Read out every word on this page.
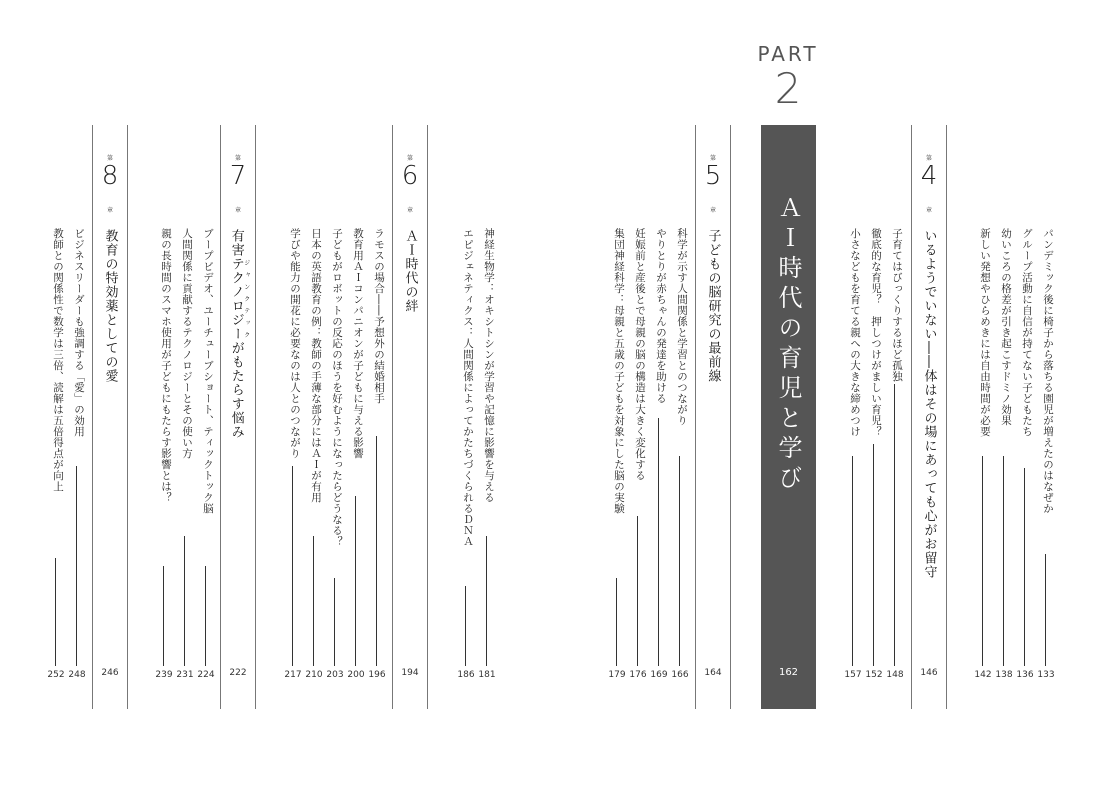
PART
2
ＡＩ時代の育児と学び
162
第
4
章
いるようでいない――体はその場にあっても心がお留守
146
第
5
章
子どもの脳研究の最前線
164
第
6
章
ＡＩ時代の絆
194
第
7
章
有害テクノロジー ジャンクテックがもたらす悩み
222
第
8
章
教育の特効薬としての愛
246
パンデミック後に椅子から落ちる園児が増えたのはなぜか
グループ活動に自信が持てない子どもたち
幼いころの格差が引き起こすドミノ効果
新しい発想やひらめきには自由時間が必要
子育てはびっくりするほど孤独
徹底的な育児？　押しつけがましい育児？
小さなどもを育てる親への大きな締めつけ
科学が示す人間関係と学習とのつながり
やりとりが赤ちゃんの発達を助ける
妊娠前と産後とで母親の脳の構造は大きく変化する
集団神経科学：母親と五歳の子どもを対象にした脳の実験
神経生物学：オキシトシンが学習や記憶に影響を与える
エピジェネティクス：人間関係によってかたちづくられるＤＮＡ
ラモスの場合――予想外の結婚相手
教育用ＡＩコンパニオンが子どもに与える影響
子どもがロボットの反応のほうを好むようになったらどうなる？
日本の英語教育の例：教師の手薄な部分にはＡＩが有用
学びや能力の開花に必要なのは人とのつながり
ブープビデオ、ユーチューブショート、ティックトック脳
人間関係に貢献するテクノロジーとその使い方
親の長時間のスマホ使用が子どもにもたらす影響とは？
ビジネスリーダーも強調する「愛」の効用
教師との関係性で数学は三倍、読解は五倍得点が向上
133
136
138
142
148
152
157
166
169
176
179
181
186
196
200
203
210
217
224
231
239
248
252
